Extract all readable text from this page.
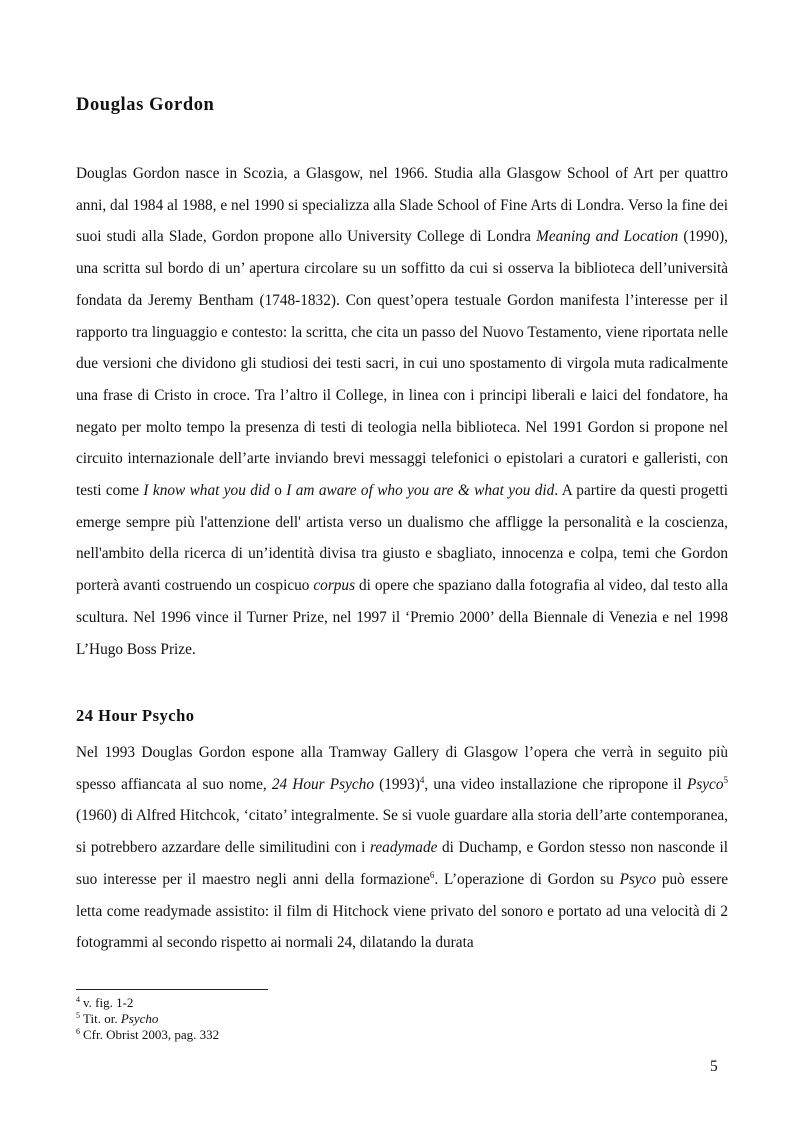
Douglas Gordon

Douglas Gordon nasce in Scozia, a Glasgow, nel 1966. Studia alla Glasgow School of Art per quattro anni, dal 1984 al 1988, e nel 1990 si specializza alla Slade School of Fine Arts di Londra. Verso la fine dei suoi studi alla Slade, Gordon propone allo University College di Londra Meaning and Location (1990), una scritta sul bordo di un’ apertura circolare su un soffitto da cui si osserva la biblioteca dell’università fondata da Jeremy Bentham (1748-1832). Con quest’opera testuale Gordon manifesta l’interesse per il rapporto tra linguaggio e contesto: la scritta, che cita un passo del Nuovo Testamento, viene riportata nelle due versioni che dividono gli studiosi dei testi sacri, in cui uno spostamento di virgola muta radicalmente una frase di Cristo in croce. Tra l’altro il College, in linea con i principi liberali e laici del fondatore, ha negato per molto tempo la presenza di testi di teologia nella biblioteca. Nel 1991 Gordon si propone nel circuito internazionale dell’arte inviando brevi messaggi telefonici o epistolari a curatori e galleristi, con testi come I know what you did o I am aware of who you are & what you did. A partire da questi progetti emerge sempre più l'attenzione dell' artista verso un dualismo che affligge la personalità e la coscienza, nell'ambito della ricerca di un’identità divisa tra giusto e sbagliato, innocenza e colpa, temi che Gordon porterà avanti costruendo un cospicuo corpus di opere che spaziano dalla fotografia al video, dal testo alla scultura. Nel 1996 vince il Turner Prize, nel 1997 il ‘Premio 2000’ della Biennale di Venezia e nel 1998 L’Hugo Boss Prize.

24 Hour Psycho

Nel 1993 Douglas Gordon espone alla Tramway Gallery di Glasgow l’opera che verrà in seguito più spesso affiancata al suo nome, 24 Hour Psycho $(1993)^4$, una video installazione che ripropone il Psyco$^5$ (1960) di Alfred Hitchcok, ‘citato’ integralmente. Se si vuole guardare alla storia dell’arte contemporanea, si potrebbero azzardare delle similitudini con i readymade di Duchamp, e Gordon stesso non nasconde il suo interesse per il maestro negli anni della formazione$^6$. L’operazione di Gordon su Psyco può essere letta come readymade assistito: il film di Hitchock viene privato del sonoro e portato ad una velocità di 2 fotogrammi al secondo rispetto ai normali 24, dilatando la durata

$^4$ v. fig. 1-2
$^5$ Tit. or. Psycho
$^6$ Cfr. Obrist 2003, pag. 332
5
